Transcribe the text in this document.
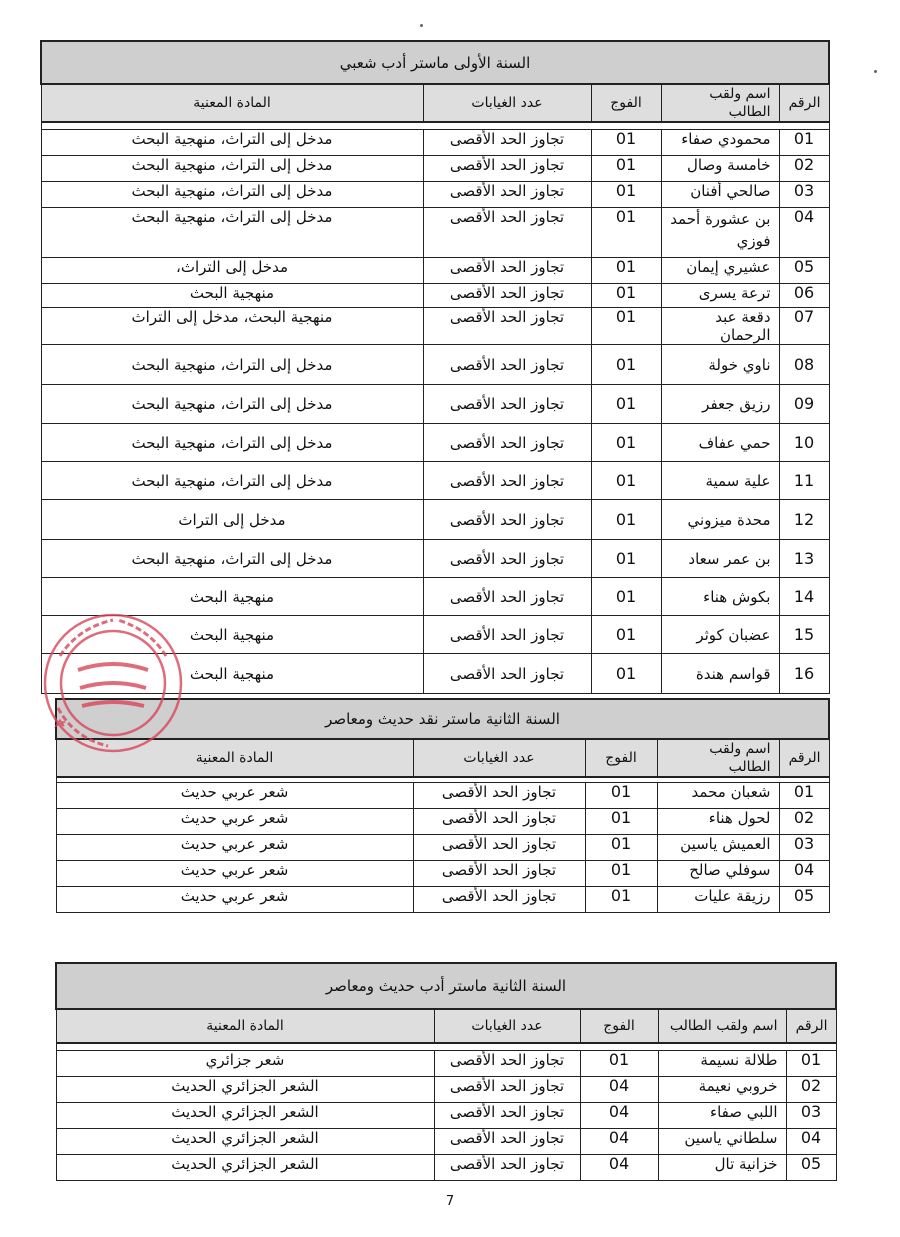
السنة الأولى ماستر أدب شعبي				
الرقم	اسم ولقب الطالب	الفوج	عدد الغيابات	المادة المعنية

01	محمودي صفاء	01	تجاوز الحد الأقصى	مدخل إلى التراث، منهجية البحث
02	خامسة وصال	01	تجاوز الحد الأقصى	مدخل إلى التراث، منهجية البحث
03	صالحي أفنان	01	تجاوز الحد الأقصى	مدخل إلى التراث، منهجية البحث
04	بن عشورة أحمد فوزي	01	تجاوز الحد الأقصى	مدخل إلى التراث، منهجية البحث
05	عشيري إيمان	01	تجاوز الحد الأقصى	مدخل إلى التراث،
06	ترعة يسرى	01	تجاوز الحد الأقصى	منهجية البحث
07	دقعة عبد الرحمان	01	تجاوز الحد الأقصى	منهجية البحث، مدخل إلى التراث
08	ناوي خولة	01	تجاوز الحد الأقصى	مدخل إلى التراث، منهجية البحث
09	رزيق جعفر	01	تجاوز الحد الأقصى	مدخل إلى التراث، منهجية البحث
10	حمي عفاف	01	تجاوز الحد الأقصى	مدخل إلى التراث، منهجية البحث
11	علية سمية	01	تجاوز الحد الأقصى	مدخل إلى التراث، منهجية البحث
12	محدة ميزوني	01	تجاوز الحد الأقصى	مدخل إلى التراث
13	بن عمر سعاد	01	تجاوز الحد الأقصى	مدخل إلى التراث، منهجية البحث
14	بكوش هناء	01	تجاوز الحد الأقصى	منهجية البحث
15	عضبان كوثر	01	تجاوز الحد الأقصى	منهجية البحث
16	قواسم هندة	01	تجاوز الحد الأقصى	منهجية البحث
السنة الثانية ماستر نقد حديث ومعاصر				
الرقم	اسم ولقب الطالب	الفوج	عدد الغيابات	المادة المعنية

01	شعبان محمد	01	تجاوز الحد الأقصى	شعر عربي حديث
02	لحول هناء	01	تجاوز الحد الأقصى	شعر عربي حديث
03	العميش ياسين	01	تجاوز الحد الأقصى	شعر عربي حديث
04	سوفلي صالح	01	تجاوز الحد الأقصى	شعر عربي حديث
05	رزيقة عليات	01	تجاوز الحد الأقصى	شعر عربي حديث
السنة الثانية ماستر أدب حديث ومعاصر				
الرقم	اسم ولقب الطالب	الفوج	عدد الغيابات	المادة المعنية

01	طلالة نسيمة	01	تجاوز الحد الأقصى	شعر جزائري
02	خروبي نعيمة	04	تجاوز الحد الأقصى	الشعر الجزائري الحديث
03	اللبي صفاء	04	تجاوز الحد الأقصى	الشعر الجزائري الحديث
04	سلطاني ياسين	04	تجاوز الحد الأقصى	الشعر الجزائري الحديث
05	خزانية تال	04	تجاوز الحد الأقصى	الشعر الجزائري الحديث
7
